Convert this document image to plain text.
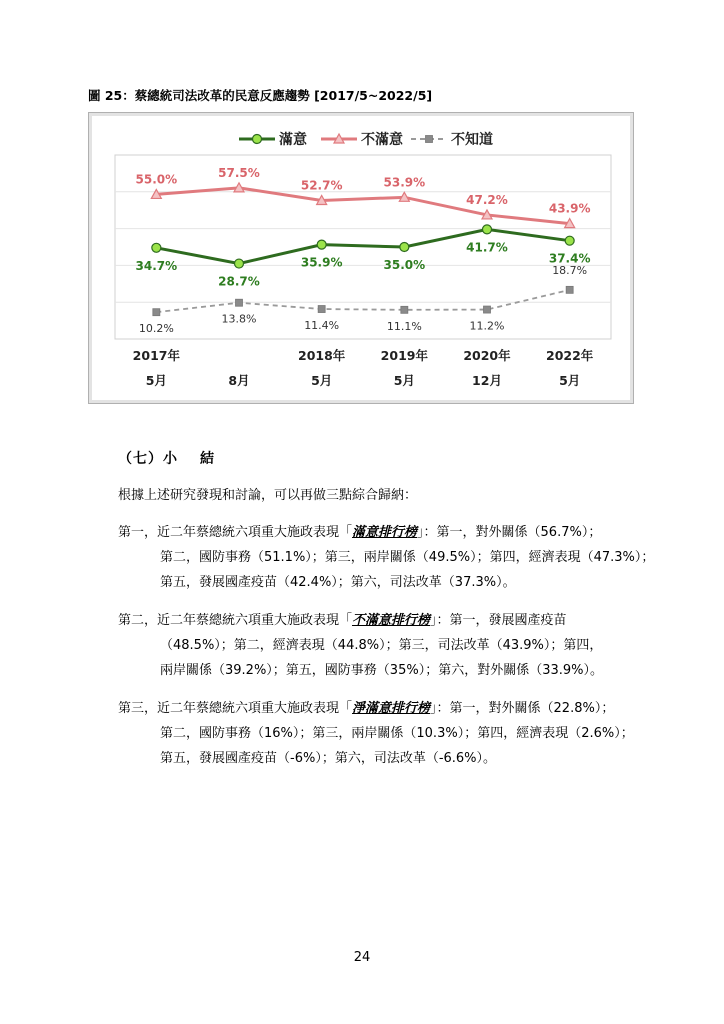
圖 25：蔡總統司法改革的民意反應趨勢 [2017/5~2022/5]
滿意	不滿意	不知道
34.7%
28.7%
35.9%	35.0%
41.7%
37.4%
55.0%	57.5%
52.7%	53.9%
47.2%
43.9%
10.2%
13.8%	11.4%	11.1%	11.2%
18.7%
2017年
5月	8月
2018年
5月
2019年
5月
2020年
12月
2022年
5月
（七）小 結
根據上述研究發現和討論，可以再做三點綜合歸納：
第一，近二年蔡總統六項重大施政表現「滿意排行榜」：第一，對外關係（56.7%）；
第二，國防事務（51.1%）；第三，兩岸關係（49.5%）；第四，經濟表現（47.3%）；
第五，發展國產疫苗（42.4%）；第六，司法改革（37.3%）。
第二，近二年蔡總統六項重大施政表現「不滿意排行榜」：第一，發展國產疫苗
（48.5%）；第二，經濟表現（44.8%）；第三，司法改革（43.9%）；第四，
兩岸關係（39.2%）；第五，國防事務（35%）；第六，對外關係（33.9%）。
第三，近二年蔡總統六項重大施政表現「淨滿意排行榜」：第一，對外關係（22.8%）；
第二，國防事務（16%）；第三，兩岸關係（10.3%）；第四，經濟表現（2.6%）；
第五，發展國產疫苗（-6%）；第六，司法改革（-6.6%）。
24
